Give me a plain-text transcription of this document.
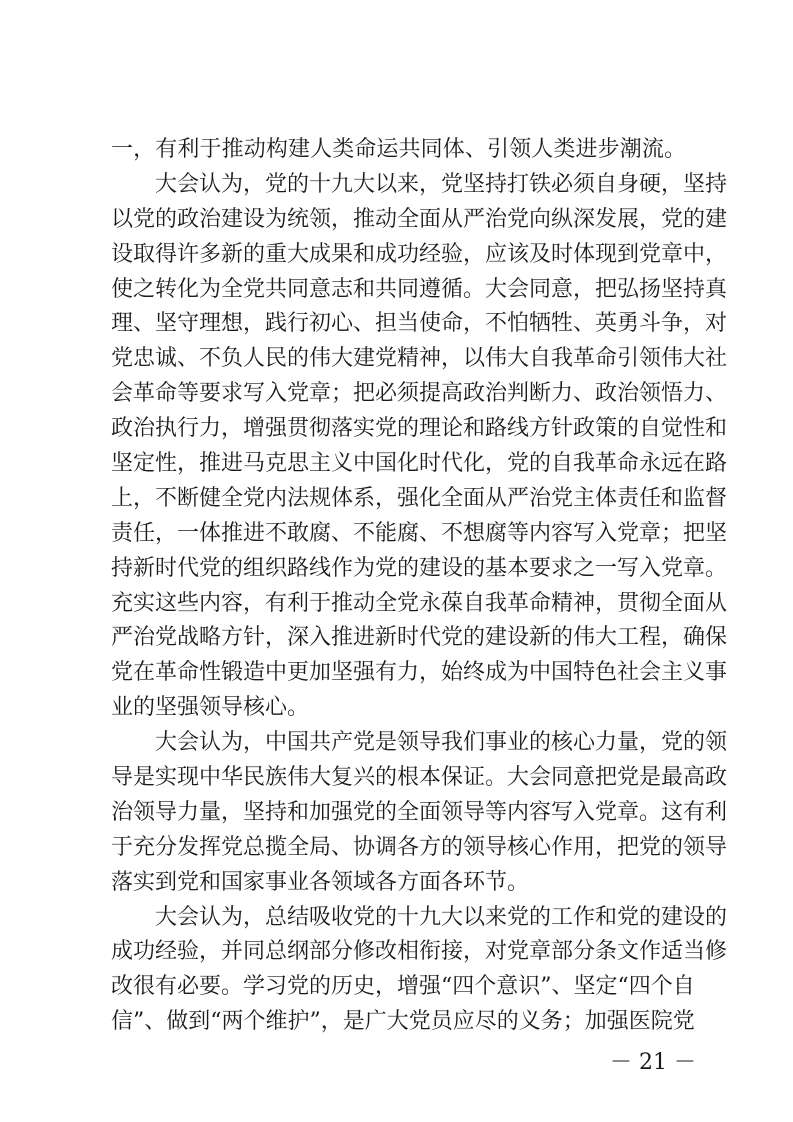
一，有利于推动构建人类命运共同体、引领人类进步潮流。
大会认为，党的十九大以来，党坚持打铁必须自身硬，坚持
以党的政治建设为统领，推动全面从严治党向纵深发展，党的建
设取得许多新的重大成果和成功经验，应该及时体现到党章中，
使之转化为全党共同意志和共同遵循。大会同意，把弘扬坚持真
理、坚守理想，践行初心、担当使命，不怕牺牲、英勇斗争，对
党忠诚、不负人民的伟大建党精神，以伟大自我革命引领伟大社
会革命等要求写入党章；把必须提高政治判断力、政治领悟力、
政治执行力，增强贯彻落实党的理论和路线方针政策的自觉性和
坚定性，推进马克思主义中国化时代化，党的自我革命永远在路
上，不断健全党内法规体系，强化全面从严治党主体责任和监督
责任，一体推进不敢腐、不能腐、不想腐等内容写入党章；把坚
持新时代党的组织路线作为党的建设的基本要求之一写入党章。
充实这些内容，有利于推动全党永葆自我革命精神，贯彻全面从
严治党战略方针，深入推进新时代党的建设新的伟大工程，确保
党在革命性锻造中更加坚强有力，始终成为中国特色社会主义事
业的坚强领导核心。
大会认为，中国共产党是领导我们事业的核心力量，党的领
导是实现中华民族伟大复兴的根本保证。大会同意把党是最高政
治领导力量，坚持和加强党的全面领导等内容写入党章。这有利
于充分发挥党总揽全局、协调各方的领导核心作用，把党的领导
落实到党和国家事业各领域各方面各环节。
大会认为，总结吸收党的十九大以来党的工作和党的建设的
成功经验，并同总纲部分修改相衔接，对党章部分条文作适当修
改很有必要。学习党的历史，增强“四个意识”、坚定“四个自
信”、做到“两个维护”，是广大党员应尽的义务；加强医院党
－ 21 －
